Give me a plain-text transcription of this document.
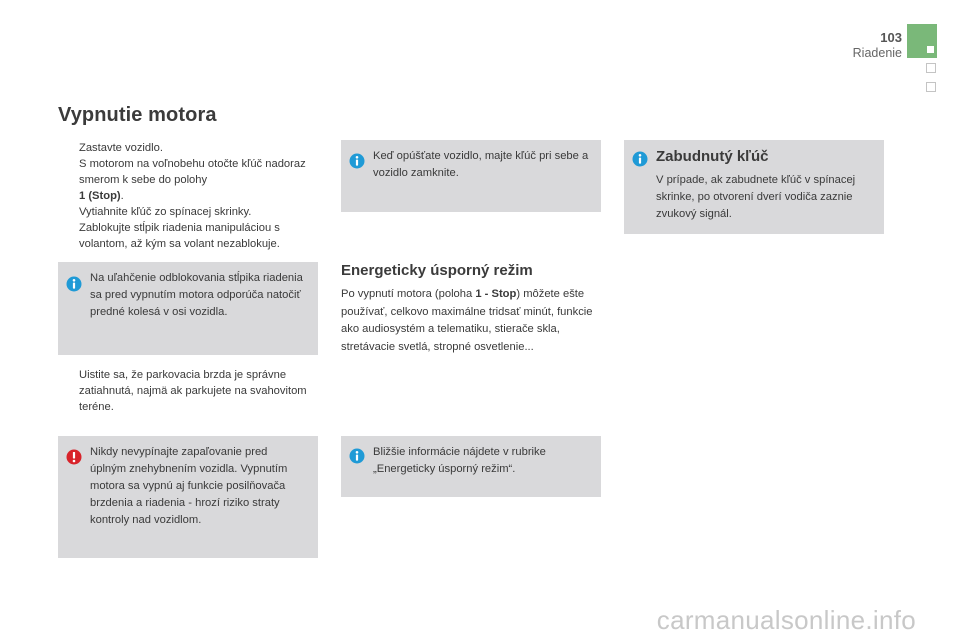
103
Riadenie
Vypnutie motora
Zastavte vozidlo.
S motorom na voľnobehu otočte kľúč nadoraz smerom k sebe do polohy
1 (Stop).
Vytiahnite kľúč zo spínacej skrinky.
Zablokujte stĺpik riadenia manipuláciou s volantom, až kým sa volant nezablokuje.
Na uľahčenie odblokovania stĺpika riadenia sa pred vypnutím motora odporúča natočiť predné kolesá v osi vozidla.
Uistite sa, že parkovacia brzda je správne zatiahnutá, najmä ak parkujete na svahovitom teréne.
Nikdy nevypínajte zapaľovanie pred úplným znehybnením vozidla. Vypnutím motora sa vypnú aj funkcie posilňovača brzdenia a riadenia - hrozí riziko straty kontroly nad vozidlom.
Keď opúšťate vozidlo, majte kľúč pri sebe a vozidlo zamknite.
Energeticky úsporný režim
Po vypnutí motora (poloha 1 - Stop) môžete ešte používať, celkovo maximálne tridsať minút, funkcie ako audiosystém a telematiku, stierače skla, stretávacie svetlá, stropné osvetlenie...
Bližšie informácie nájdete v rubrike „Energeticky úsporný režim“.
Zabudnutý kľúč
V prípade, ak zabudnete kľúč v spínacej skrinke, po otvorení dverí vodiča zaznie zvukový signál.
carmanualsonline.info
